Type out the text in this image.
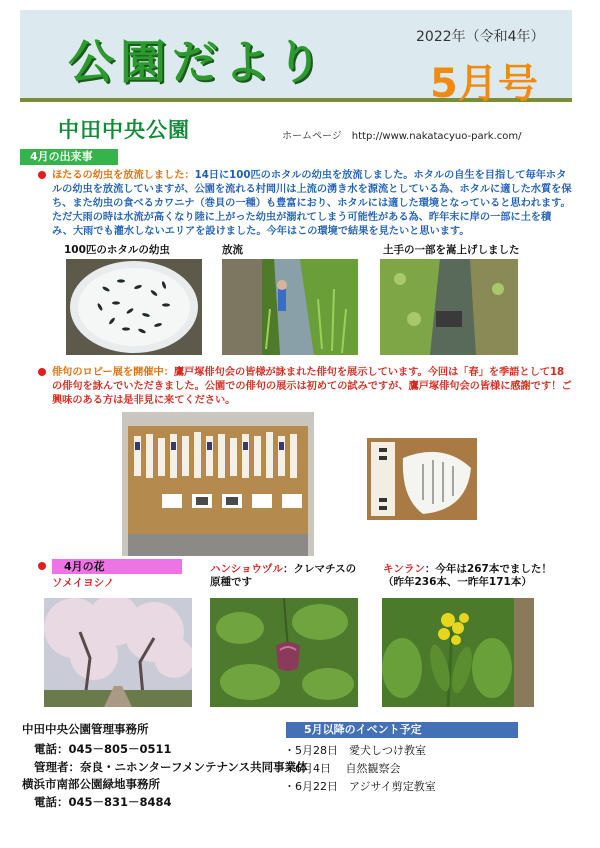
公園だより	2022年（令和4年）
5月号
中田中央公園	ホームページ　http://www.nakatacyuo-park.com/
4月の出来事
ほたるの幼虫を放流しました：14日に100匹のホタルの幼虫を放流しました。ホタルの自生を目指して毎年ホタルの幼虫を放流していますが、公園を流れる村岡川は上流の湧き水を源流としている為、ホタルに適した水質を保ち、また幼虫の食べるカワニナ（巻貝の一種）も豊富におり、ホタルには適した環境となっていると思われます。ただ大雨の時は水流が高くなり陸に上がった幼虫が溺れてしまう可能性がある為、昨年末に岸の一部に土を積み、大雨でも灌水しないエリアを設けました。今年はこの環境で結果を見たいと思います。
100匹のホタルの幼虫	放流	土手の一部を嵩上げしました
俳句のロビー展を開催中：鷹戸塚俳句会の皆様が詠まれた俳句を展示しています。今回は「春」を季語として18の俳句を詠んでいただきました。公園での俳句の展示は初めての試みですが、鷹戸塚俳句会の皆様に感謝です！ご興味のある方は是非見に来てください。
4月の花
ソメイヨシノ
ハンショウヅル：クレマチスの原種です
キンラン：今年は267本でました！（昨年236本、一昨年171本）
中田中央公園管理事務所
電話：045－805－0511
管理者：奈良・ニホンターフメンテナンス共同事業体
横浜市南部公園緑地事務所
電話：045－831－8484
5月以降のイベント予定
・5月28日　愛犬しつけ教室
・6月4日　 自然観察会
・6月22日　アジサイ剪定教室
